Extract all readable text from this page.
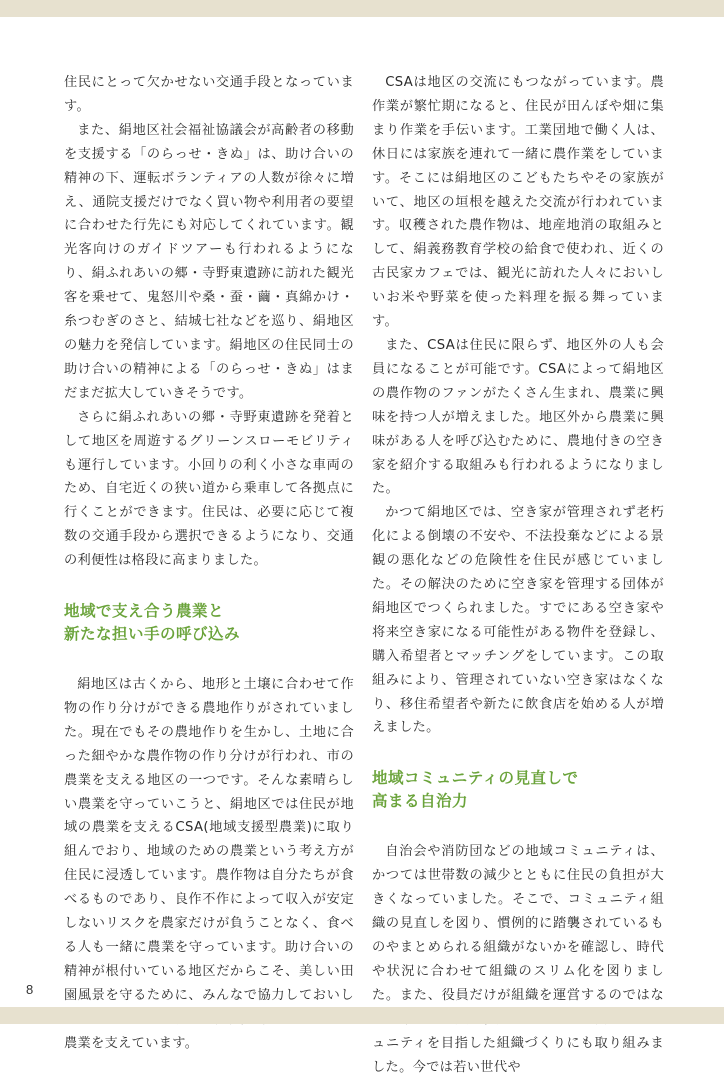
住民にとって欠かせない交通手段となっています。

また、絹地区社会福祉協議会が高齢者の移動を支援する「のらっせ・きぬ」は、助け合いの精神の下、運転ボランティアの人数が徐々に増え、通院支援だけでなく買い物や利用者の要望に合わせた行先にも対応してくれています。観光客向けのガイドツアーも行われるようになり、絹ふれあいの郷・寺野東遺跡に訪れた観光客を乗せて、鬼怒川や桑・蚕・繭・真綿かけ・糸つむぎのさと、結城七社などを巡り、絹地区の魅力を発信しています。絹地区の住民同士の助け合いの精神による「のらっせ・きぬ」はまだまだ拡大していきそうです。

さらに絹ふれあいの郷・寺野東遺跡を発着として地区を周遊するグリーンスローモビリティも運行しています。小回りの利く小さな車両のため、自宅近くの狭い道から乗車して各拠点に行くことができます。住民は、必要に応じて複数の交通手段から選択できるようになり、交通の利便性は格段に高まりました。

地域で支え合う農業と
新たな担い手の呼び込み

絹地区は古くから、地形と土壌に合わせて作物の作り分けができる農地作りがされていました。現在でもその農地作りを生かし、土地に合った細やかな農作物の作り分けが行われ、市の農業を支える地区の一つです。そんな素晴らしい農業を守っていこうと、絹地区では住民が地域の農業を支えるCSA(地域支援型農業)に取り組んでおり、地域のための農業という考え方が住民に浸透しています。農作物は自分たちが食べるものであり、良作不作によって収入が安定しないリスクを農家だけが負うことなく、食べる人も一緒に農業を守っています。助け合いの精神が根付いている地区だからこそ、美しい田園風景を守るために、みんなで協力しておいし 農業を支えています。

CSAは地区の交流にもつながっています。農作業が繁忙期になると、住民が田んぼや畑に集まり作業を手伝います。工業団地で働く人は、休日には家族を連れて一緒に農作業をしています。そこには絹地区のこどもたちやその家族がいて、地区の垣根を越えた交流が行われています。収穫された農作物は、地産地消の取組みとして、絹義務教育学校の給食で使われ、近くの古民家カフェでは、観光に訪れた人々においしいお米や野菜を使った料理を振る舞っています。

また、CSAは住民に限らず、地区外の人も会員になることが可能です。CSAによって絹地区の農作物のファンがたくさん生まれ、農業に興味を持つ人が増えました。地区外から農業に興味がある人を呼び込むために、農地付きの空き家を紹介する取組みも行われるようになりました。

かつて絹地区では、空き家が管理されず老朽化による倒壊の不安や、不法投棄などによる景観の悪化などの危険性を住民が感じていました。その解決のために空き家を管理する団体が絹地区でつくられました。すでにある空き家や将来空き家になる可能性がある物件を登録し、購入希望者とマッチングをしています。この取組みにより、管理されていない空き家はなくなり、移住希望者や新たに飲食店を始める人が増えました。

地域コミュニティの見直しで
高まる自治力

自治会や消防団などの地域コミュニティは、かつては世帯数の減少とともに住民の負担が大きくなっていました。そこで、コミュニティ組織の見直しを図り、慣例的に踏襲されているものやまとめられる組織がないかを確認し、時代や状況に合わせて組織のスリム化を図りました。また、役員だけが組織を運営するのではな ュニティを目指した組織づくりにも取り組みました。今では若い世代や

8
